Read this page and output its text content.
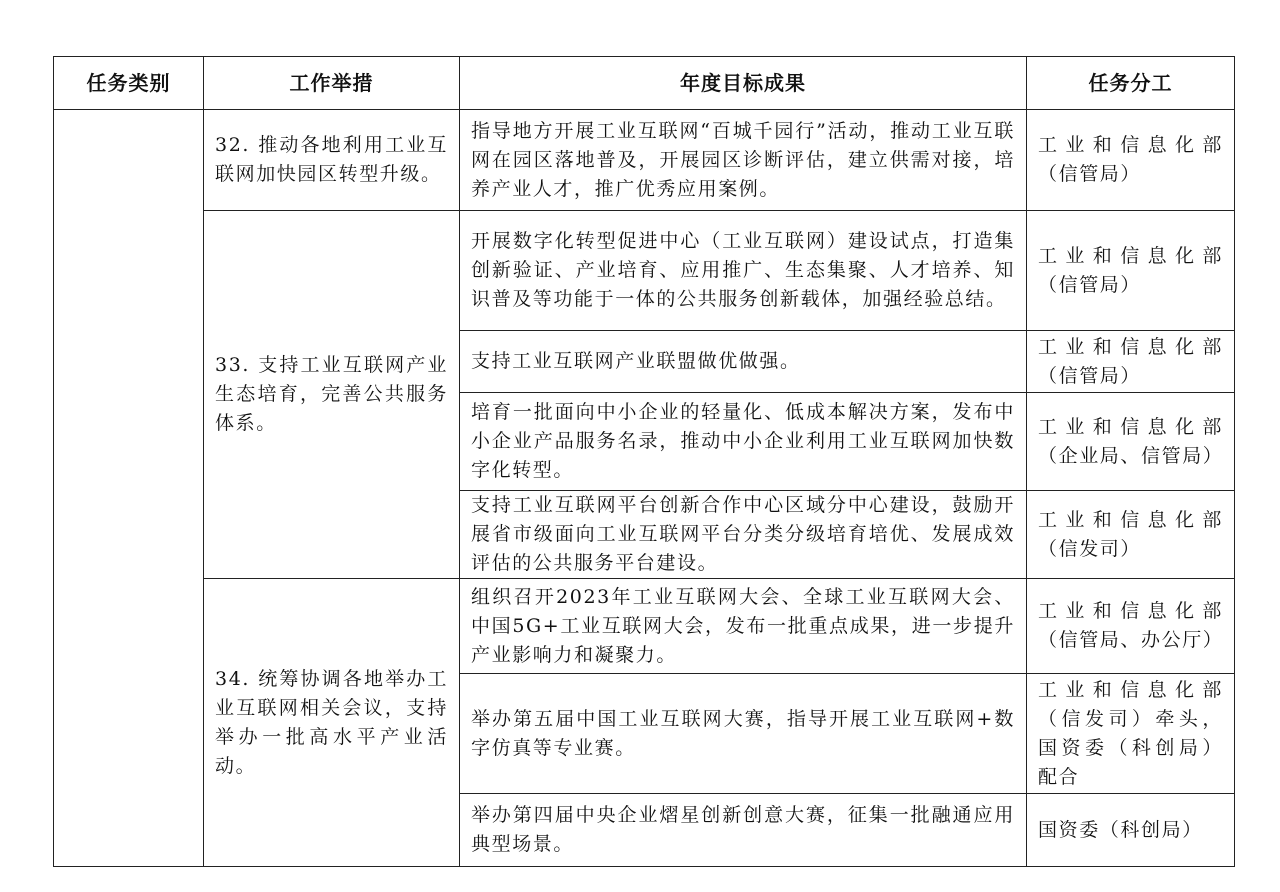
任务类别	工作举措	年度目标成果	任务分工
	32. 推动各地利用工业互联网加快园区转型升级。	指导地方开展工业互联网“百城千园行”活动，推动工业互联网在园区落地普及，开展园区诊断评估，建立供需对接，培养产业人才，推广优秀应用案例。	工业和信息化部（信管局）
	33. 支持工业互联网产业生态培育，完善公共服务体系。	开展数字化转型促进中心（工业互联网）建设试点，打造集创新验证、产业培育、应用推广、生态集聚、人才培养、知识普及等功能于一体的公共服务创新载体，加强经验总结。	工业和信息化部（信管局）
		支持工业互联网产业联盟做优做强。	工业和信息化部（信管局）
		培育一批面向中小企业的轻量化、低成本解决方案，发布中小企业产品服务名录，推动中小企业利用工业互联网加快数字化转型。	工业和信息化部（企业局、信管局）
		支持工业互联网平台创新合作中心区域分中心建设，鼓励开展省市级面向工业互联网平台分类分级培育培优、发展成效评估的公共服务平台建设。	工业和信息化部（信发司）
	34. 统筹协调各地举办工业互联网相关会议，支持举办一批高水平产业活动。	组织召开2023年工业互联网大会、全球工业互联网大会、中国5G+工业互联网大会，发布一批重点成果，进一步提升产业影响力和凝聚力。	工业和信息化部（信管局、办公厅）
		举办第五届中国工业互联网大赛，指导开展工业互联网+数字仿真等专业赛。	工业和信息化部（信发司）牵头，国资委（科创局）配合
		举办第四届中央企业熠星创新创意大赛，征集一批融通应用典型场景。	国资委（科创局）
